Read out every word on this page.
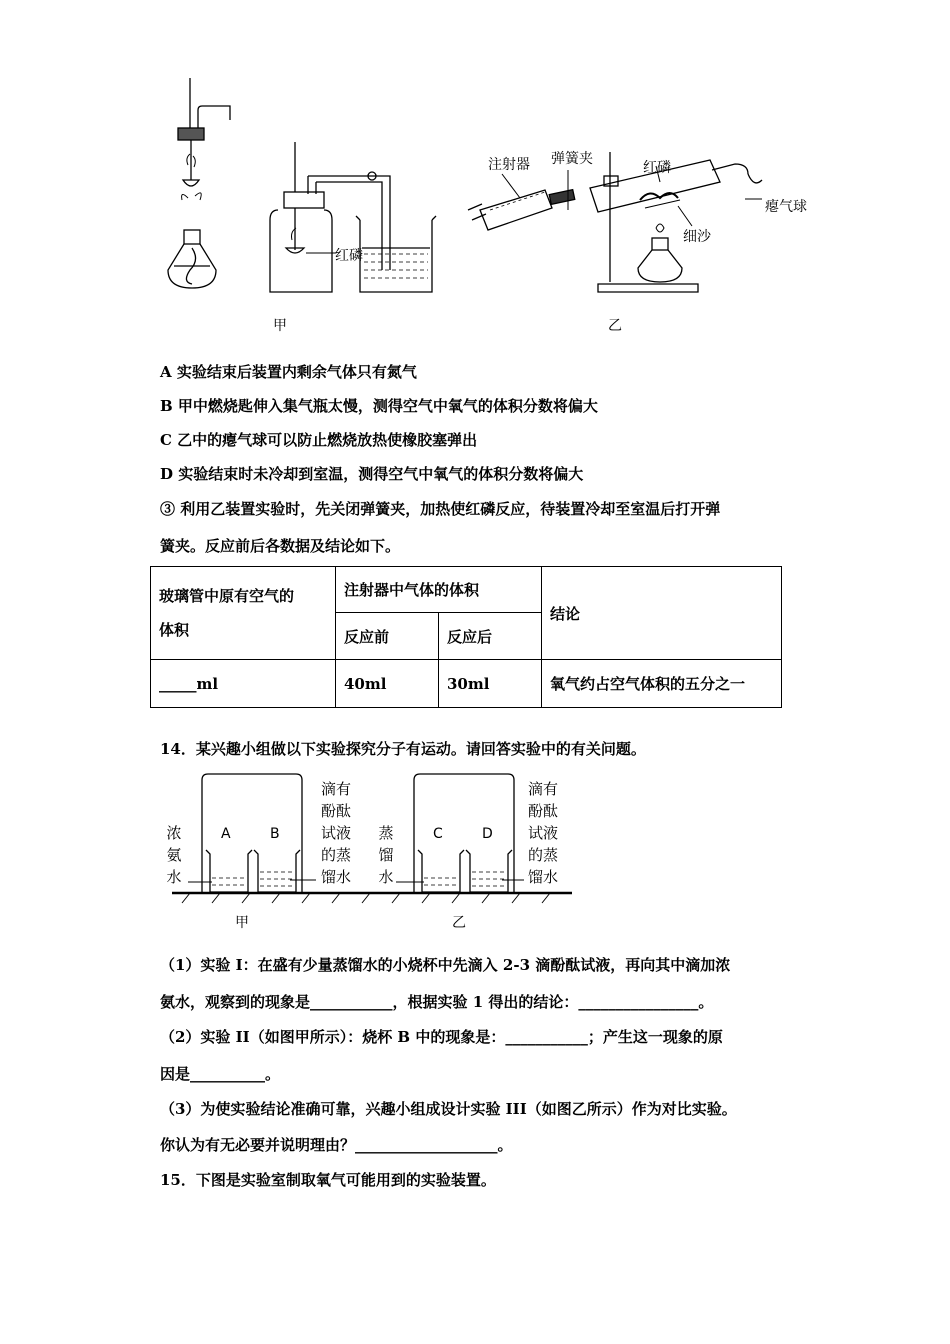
红磷
注射器 弹簧夹
红磷
瘪气球
细沙
甲	乙
A 实验结束后装置内剩余气体只有氮气
B 甲中燃烧匙伸入集气瓶太慢，测得空气中氧气的体积分数将偏大
C 乙中的瘪气球可以防止燃烧放热使橡胶塞弹出
D 实验结束时未冷却到室温，测得空气中氧气的体积分数将偏大
③ 利用乙装置实验时，先关闭弹簧夹，加热使红磷反应，待装置冷却至室温后打开弹
簧夹。反应前后各数据及结论如下。
玻璃管中原有空气的
体积	注射器中气体的体积		结论
	反应前	反应后	
_____ml	40ml	30ml	氧气约占空气体积的五分之一
14．某兴趣小组做以下实验探究分子有运动。请回答实验中的有关问题。
A	B	C	D
浓氨水
滴有酚酞试液的蒸馏水
蒸馏水
滴有酚酞试液的蒸馏水
甲	乙
（1）实验 I：在盛有少量蒸馏水的小烧杯中先滴入 2-3 滴酚酞试液，再向其中滴加浓
氨水，观察到的现象是___________，根据实验 1 得出的结论：________________。
（2）实验 II（如图甲所示）：烧杯 B 中的现象是：___________；产生这一现象的原
因是__________。
（3）为使实验结论准确可靠，兴趣小组成设计实验 III（如图乙所示）作为对比实验。
你认为有无必要并说明理由？___________________。
15．下图是实验室制取氧气可能用到的实验装置。
